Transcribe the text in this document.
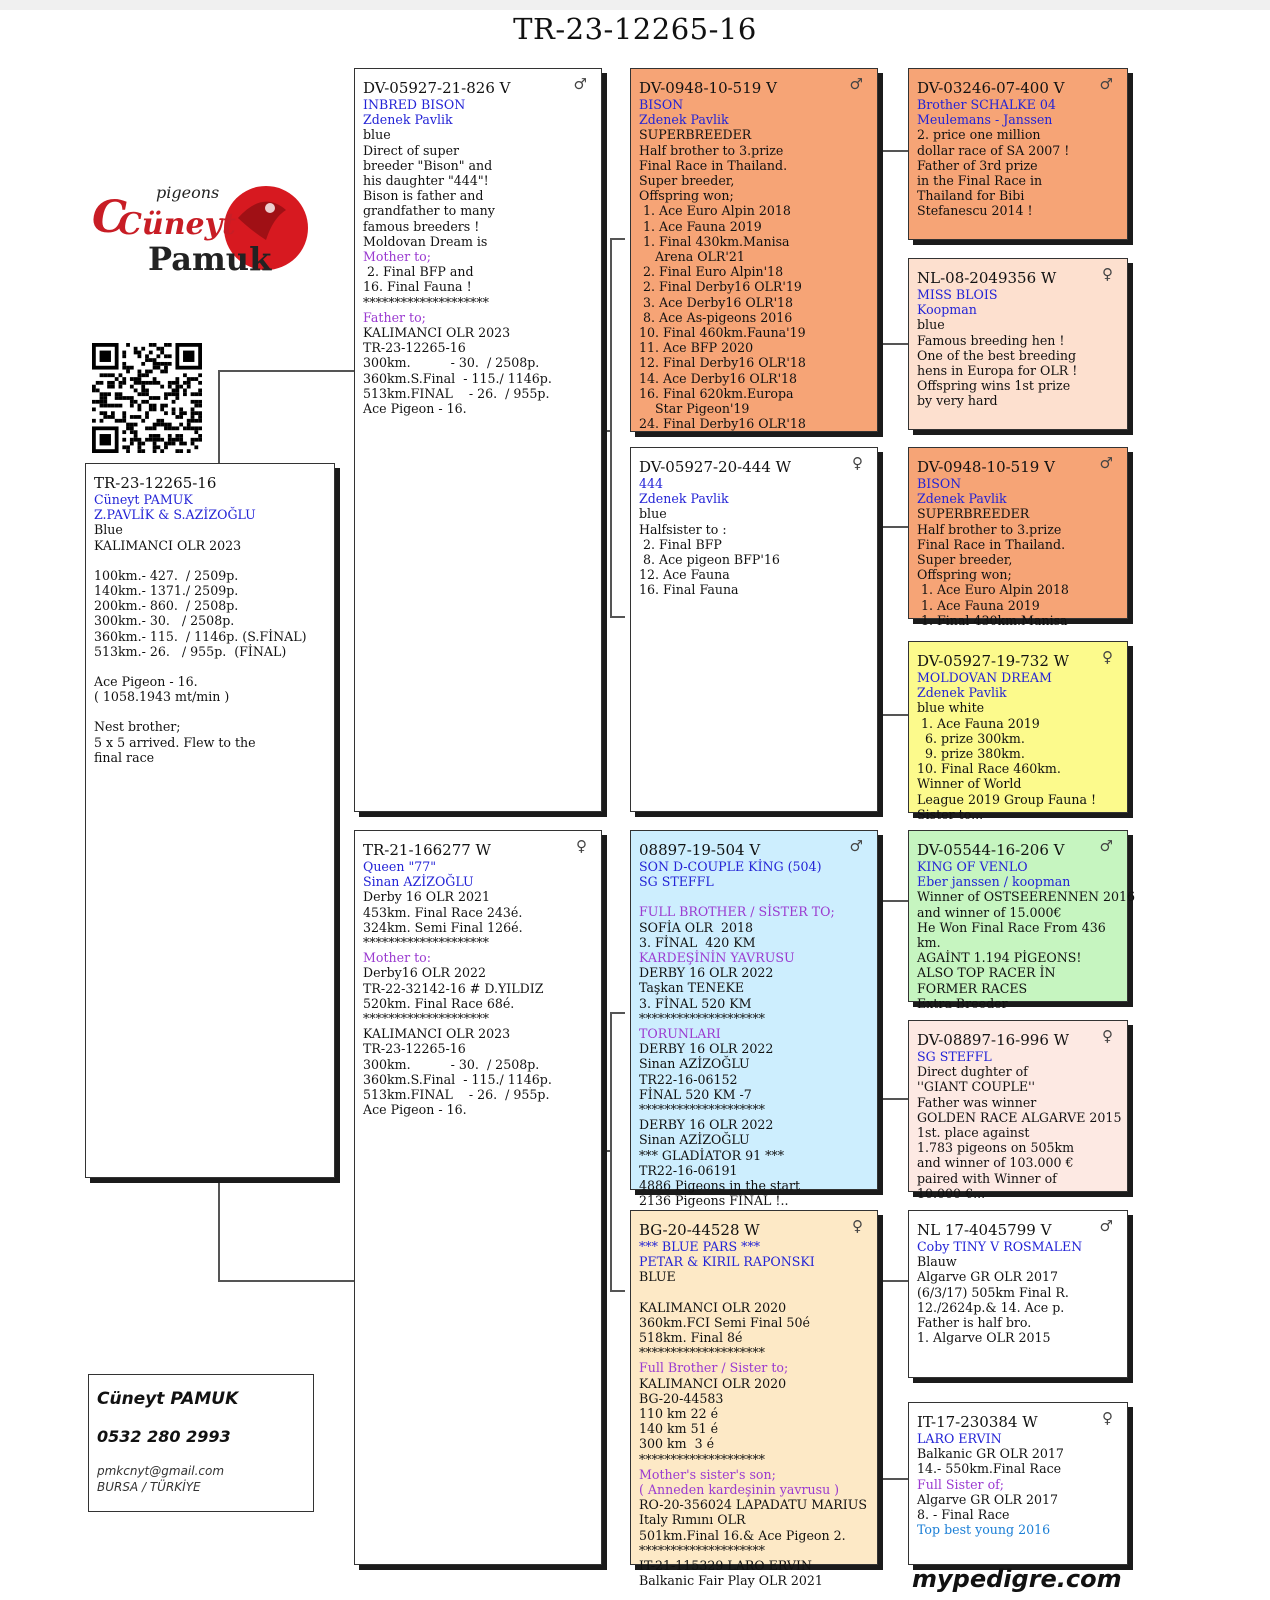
TR-23-12265-16
C
Cüneyt
pigeons
Pamuk
TR-23-12265-16
Cüneyt PAMUK
Z.PAVLİK & S.AZİZOĞLU
Blue
KALIMANCI OLR 2023
100km.- 427.  / 2509p.
140km.- 1371./ 2509p.
200km.- 860.  / 2508p.
300km.- 30.   / 2508p.
360km.- 115.  / 1146p. (S.FİNAL)
513km.- 26.   / 955p.  (FİNAL)
Ace Pigeon - 16.
( 1058.1943 mt/min )
Nest brother;
5 x 5 arrived. Flew to the
final race
DV-05927-21-826 V	♂
INBRED BISON
Zdenek Pavlik
blue
Direct of super
breeder "Bison" and
his daughter "444"!
Bison is father and
grandfather to many
famous breeders !
Moldovan Dream is
Mother to;
2. Final BFP and
16. Final Fauna !
********************
Father to;
KALIMANCI OLR 2023
TR-23-12265-16
300km.          - 30.  / 2508p.
360km.S.Final  - 115./ 1146p.
513km.FINAL    - 26.  / 955p.
Ace Pigeon - 16.
TR-21-166277 W	♀
Queen "77"
Sinan AZİZOĞLU
Derby 16 OLR 2021
453km. Final Race 243é.
324km. Semi Final 126é.
********************
Mother to:
Derby16 OLR 2022
TR-22-32142-16 # D.YILDIZ
520km. Final Race 68é.
********************
KALIMANCI OLR 2023
TR-23-12265-16
300km.          - 30.  / 2508p.
360km.S.Final  - 115./ 1146p.
513km.FINAL    - 26.  / 955p.
Ace Pigeon - 16.
DV-0948-10-519 V	♂
BISON
Zdenek Pavlik
SUPERBREEDER
Half brother to 3.prize
Final Race in Thailand.
Super breeder,
Offspring won;
1. Ace Euro Alpin 2018
1. Ace Fauna 2019
1. Final 430km.Manisa
Arena OLR'21
2. Final Euro Alpin'18
2. Final Derby16 OLR'19
3. Ace Derby16 OLR'18
8. Ace As-pigeons 2016
10. Final 460km.Fauna'19
11. Ace BFP 2020
12. Final Derby16 OLR'18
14. Ace Derby16 OLR'18
16. Final 620km.Europa
Star Pigeon'19
24. Final Derby16 OLR'18
DV-05927-20-444 W	♀
444
Zdenek Pavlik
blue
Halfsister to :
2. Final BFP
8. Ace pigeon BFP'16
12. Ace Fauna
16. Final Fauna
08897-19-504 V	♂
SON D-COUPLE KİNG (504)
SG STEFFL
FULL BROTHER / SİSTER TO;
SOFİA OLR  2018
3. FİNAL  420 KM
KARDEŞİNİN YAVRUSU
DERBY 16 OLR 2022
Taşkan TENEKE
3. FİNAL 520 KM
********************
TORUNLARI
DERBY 16 OLR 2022
Sinan AZİZOĞLU
TR22-16-06152
FİNAL 520 KM -7
********************
DERBY 16 OLR 2022
Sinan AZİZOĞLU
*** GLADİATOR 91 ***
TR22-16-06191
4886 Pigeons in the start
2136 Pigeons FİNAL !..
BG-20-44528 W	♀
*** BLUE PARS ***
PETAR & KIRIL RAPONSKI
BLUE
KALIMANCI OLR 2020
360km.FCI Semi Final 50é
518km. Final 8é
********************
Full Brother / Sister to;
KALIMANCI OLR 2020
BG-20-44583
110 km 22 é
140 km 51 é
300 km  3 é
********************
Mother's sister's son;
( Anneden kardeşinin yavrusu )
RO-20-356024 LAPADATU MARIUS
Italy Rımını OLR
501km.Final 16.& Ace Pigeon 2.
********************
IT-21-115329 LARO ERVIN
Balkanic Fair Play OLR 2021
DV-03246-07-400 V	♂
Brother SCHALKE 04
Meulemans - Janssen
2. price one million
dollar race of SA 2007 !
Father of 3rd prize
in the Final Race in
Thailand for Bibi
Stefanescu 2014 !
NL-08-2049356 W	♀
MISS BLOIS
Koopman
blue
Famous breeding hen !
One of the best breeding
hens in Europa for OLR !
Offspring wins 1st prize
by very hard
DV-0948-10-519 V	♂
BISON
Zdenek Pavlik
SUPERBREEDER
Half brother to 3.prize
Final Race in Thailand.
Super breeder,
Offspring won;
1. Ace Euro Alpin 2018
1. Ace Fauna 2019
1. Final 430km.Manisa
DV-05927-19-732 W	♀
MOLDOVAN DREAM
Zdenek Pavlik
blue white
1. Ace Fauna 2019
6. prize 300km.
9. prize 380km.
10. Final Race 460km.
Winner of World
League 2019 Group Fauna !
Sister to...
DV-05544-16-206 V	♂
KING OF VENLO
Eber janssen / koopman
Winner of OSTSEERENNEN 2016
and winner of 15.000€
He Won Final Race From 436
km.
AGAİNT 1.194 PİGEONS!
ALSO TOP RACER İN
FORMER RACES
Extra Breeder
DV-08897-16-996 W	♀
SG STEFFL
Direct dughter of
''GIANT COUPLE''
Father was winner
GOLDEN RACE ALGARVE 2015
1st. place against
1.783 pigeons on 505km
and winner of 103.000 €
paired with Winner of
10.000 €...
NL 17-4045799 V	♂
Coby TINY V ROSMALEN
Blauw
Algarve GR OLR 2017
(6/3/17) 505km Final R.
12./2624p.& 14. Ace p.
Father is half bro.
1. Algarve OLR 2015
IT-17-230384 W	♀
LARO ERVIN
Balkanic GR OLR 2017
14.- 550km.Final Race
Full Sister of;
Algarve GR OLR 2017
8. - Final Race
Top best young 2016
Cüneyt PAMUK
0532 280 2993
pmkcnyt@gmail.com
BURSA / TÜRKİYE
mypedigre.com
